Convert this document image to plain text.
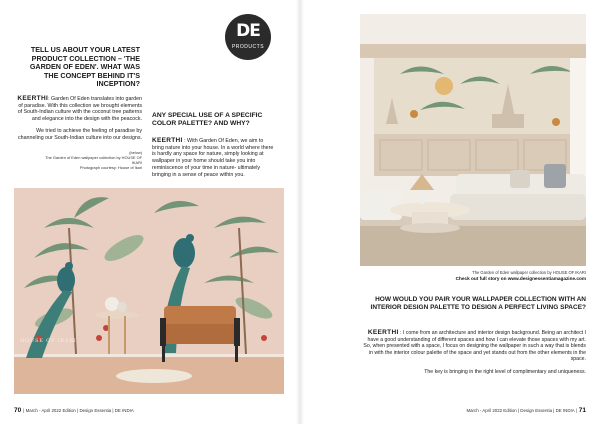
DE
PRODUCTS
TELL US ABOUT YOUR LATEST PRODUCT COLLECTION – 'THE GARDEN OF EDEN'. WHAT WAS THE CONCEPT BEHIND IT'S INCEPTION?

KEERTHI: Garden Of Eden translates into garden of paradise. With this collection we brought elements of South-Indian culture with the coconut tree patterns and elegance into the design with the peacock.

We tried to achieve the feeling of paradise by channeling our South-Indian culture into our designs.

(below)
The Garden of Eden wallpaper collection by HOUSE OF IKARI
Photograph courtesy: House of Ikari
ANY SPECIAL USE OF A SPECIFIC COLOR PALETTE? AND WHY?
KEERTHI : With Garden Of Eden, we aim to bring nature into your house. In a world where there is hardly any space for nature, simply looking at wallpaper in your home should take you into reminiscence of your time in nature- ultimately bringing in a sense of peace within you.
HOUSE OF IKARI
70 | March - April 2022 Edition | Design Essentia | DE INDIA
The Garden of Eden wallpaper collection by HOUSE OF IKARI
Check out full story on www.designessentiamagazine.com
HOW WOULD YOU PAIR YOUR WALLPAPER COLLECTION WITH AN INTERIOR DESIGN PALETTE TO DESIGN A PERFECT LIVING SPACE?

KEERTHI : I come from an architecture and interior design background. Being an architect I have a good understanding of different spaces and how I can elevate those spaces with my art. So, when presented with a space, I focus on designing the wallpaper in such a way that is blends in with the interior colour palette of the space and yet stands out from the other elements in the space.

The key is bringing in the right level of complimentary and uniqueness.

March - April 2022 Edition | Design Essentia | DE INDIA | 71
